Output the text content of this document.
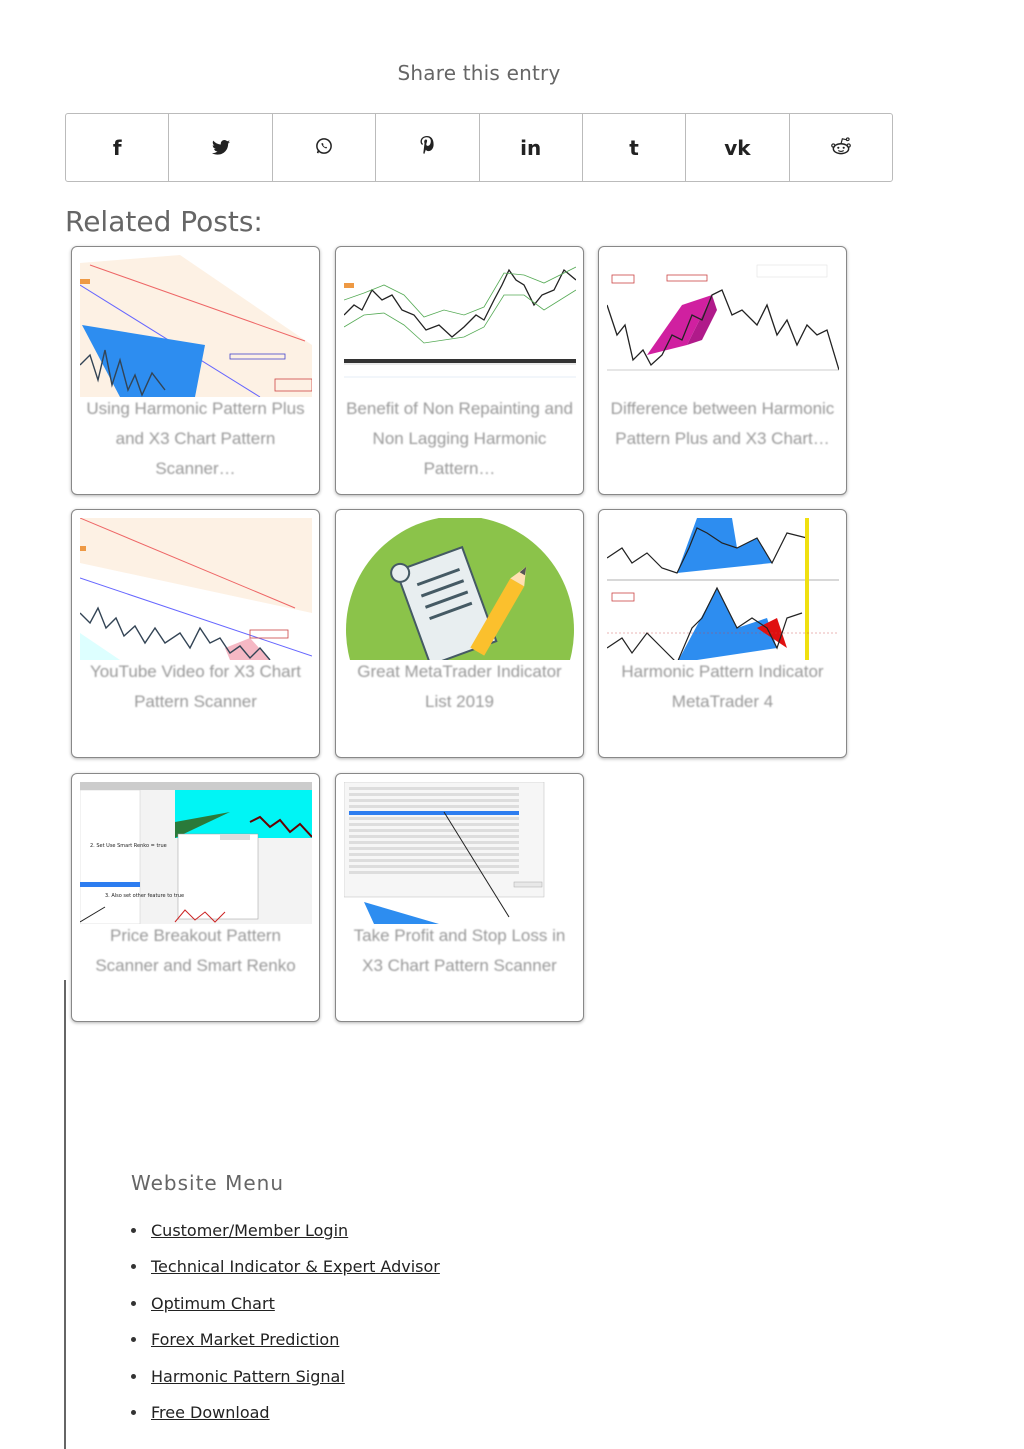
Share this entry
f	in	t	vk
Related Posts:
Using Harmonic Pattern Plus and X3 Chart Pattern Scanner…
Benefit of Non Repainting and Non Lagging Harmonic Pattern…
Difference between Harmonic Pattern Plus and X3 Chart…
YouTube Video for X3 Chart Pattern Scanner
Great MetaTrader Indicator List 2019
Harmonic Pattern Indicator MetaTrader 4
2. Set Use Smart Renko = true
3. Also set other feature to true
Price Breakout Pattern Scanner and Smart Renko
Take Profit and Stop Loss in X3 Chart Pattern Scanner
Website Menu
Customer/Member Login
Technical Indicator & Expert Advisor
Optimum Chart
Forex Market Prediction
Harmonic Pattern Signal
Free Download
